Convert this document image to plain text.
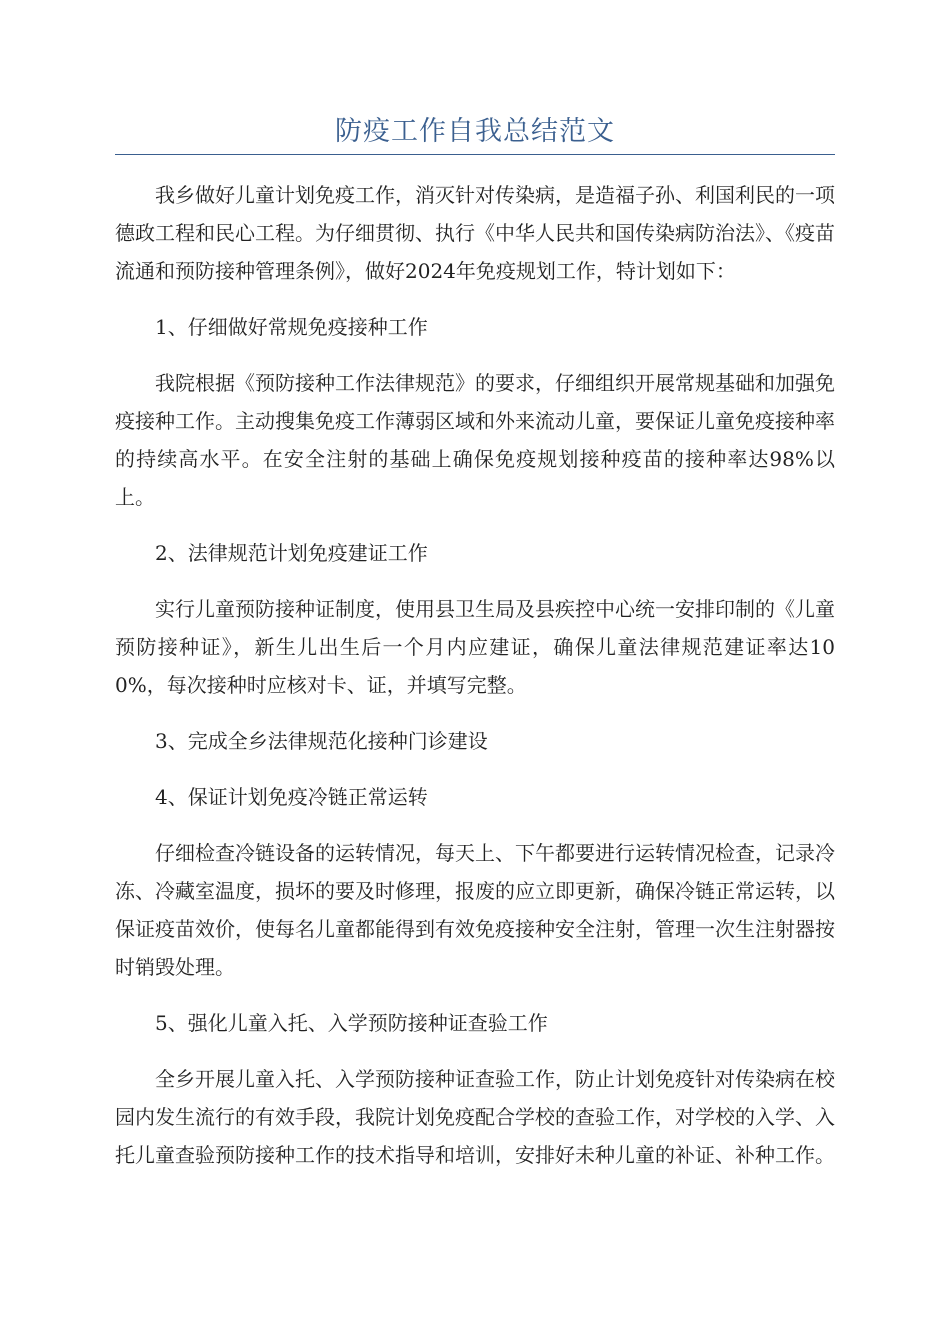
防疫工作自我总结范文

我乡做好儿童计划免疫工作，消灭针对传染病，是造福子孙、利国利民的一项德政工程和民心工程。为仔细贯彻、执行《中华人民共和国传染病防治法》、《疫苗流通和预防接种管理条例》，做好2024年免疫规划工作，特计划如下：

1、仔细做好常规免疫接种工作

我院根据《预防接种工作法律规范》的要求，仔细组织开展常规基础和加强免疫接种工作。主动搜集免疫工作薄弱区域和外来流动儿童，要保证儿童免疫接种率的持续高水平。在安全注射的基础上确保免疫规划接种疫苗的接种率达98%以上。

2、法律规范计划免疫建证工作

实行儿童预防接种证制度，使用县卫生局及县疾控中心统一安排印制的《儿童预防接种证》，新生儿出生后一个月内应建证，确保儿童法律规范建证率达100%，每次接种时应核对卡、证，并填写完整。

3、完成全乡法律规范化接种门诊建设

4、保证计划免疫冷链正常运转

仔细检查冷链设备的运转情况，每天上、下午都要进行运转情况检查，记录冷冻、冷藏室温度，损坏的要及时修理，报废的应立即更新，确保冷链正常运转，以保证疫苗效价，使每名儿童都能得到有效免疫接种安全注射，管理一次生注射器按时销毁处理。

5、强化儿童入托、入学预防接种证查验工作

全乡开展儿童入托、入学预防接种证查验工作，防止计划免疫针对传染病在校园内发生流行的有效手段，我院计划免疫配合学校的查验工作，对学校的入学、入托儿童查验预防接种工作的技术指导和培训，安排好未种儿童的补证、补种工作。
